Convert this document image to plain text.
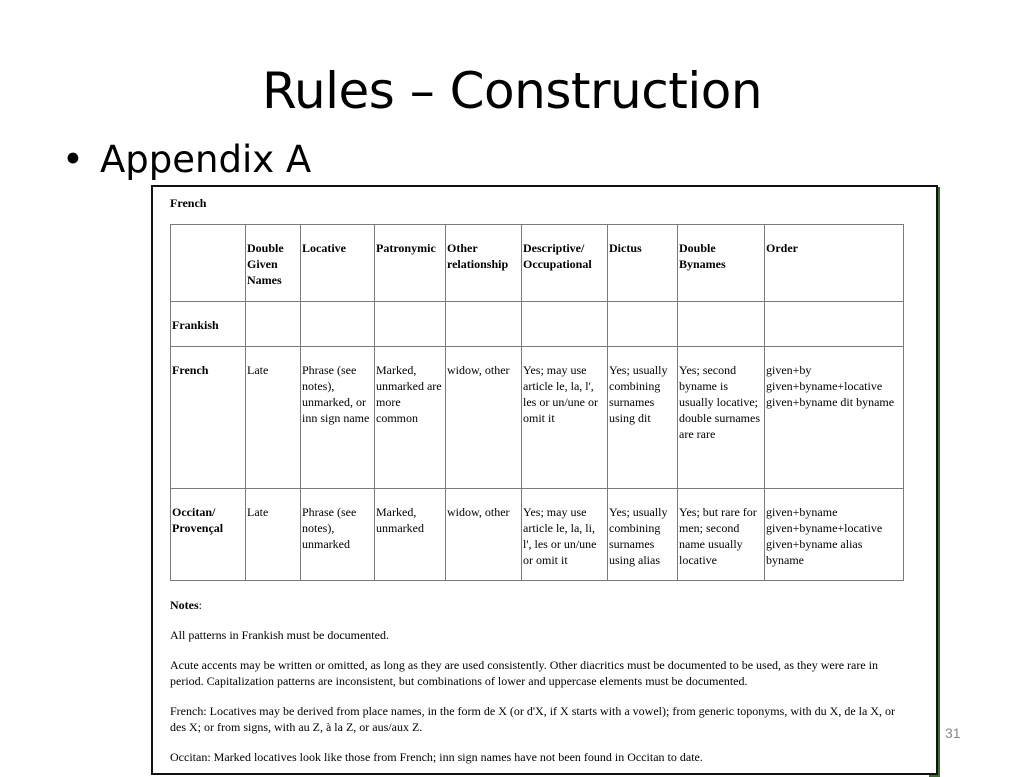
Rules – Construction
• Appendix A
French
	Double Given Names	Locative	Patronymic	Other relationship	Descriptive/ Occupational	Dictus	Double Bynames	Order
Frankish								
French	Late	Phrase (see notes), unmarked, or inn sign name	Marked, unmarked are more common	widow, other	Yes; may use article le, la, l', les or un/une or omit it	Yes; usually combining surnames using dit	Yes; second byname is usually locative; double surnames are rare	given+by given+byname+locative given+byname dit byname
Occitan/ Provençal	Late	Phrase (see notes), unmarked	Marked, unmarked	widow, other	Yes; may use article le, la, li, l', les or un/une or omit it	Yes; usually combining surnames using alias	Yes; but rare for men; second name usually locative	given+byname given+byname+locative given+byname alias byname

Notes:

All patterns in Frankish must be documented.

Acute accents may be written or omitted, as long as they are used consistently. Other diacritics must be documented to be used, as they were rare in period. Capitalization patterns are inconsistent, but combinations of lower and uppercase elements must be documented.

French: Locatives may be derived from place names, in the form de X (or d'X, if X starts with a vowel); from generic toponyms, with du X, de la X, or des X; or from signs, with au Z, à la Z, or aus/aux Z.

Occitan: Marked locatives look like those from French; inn sign names have not been found in Occitan to date.

31
